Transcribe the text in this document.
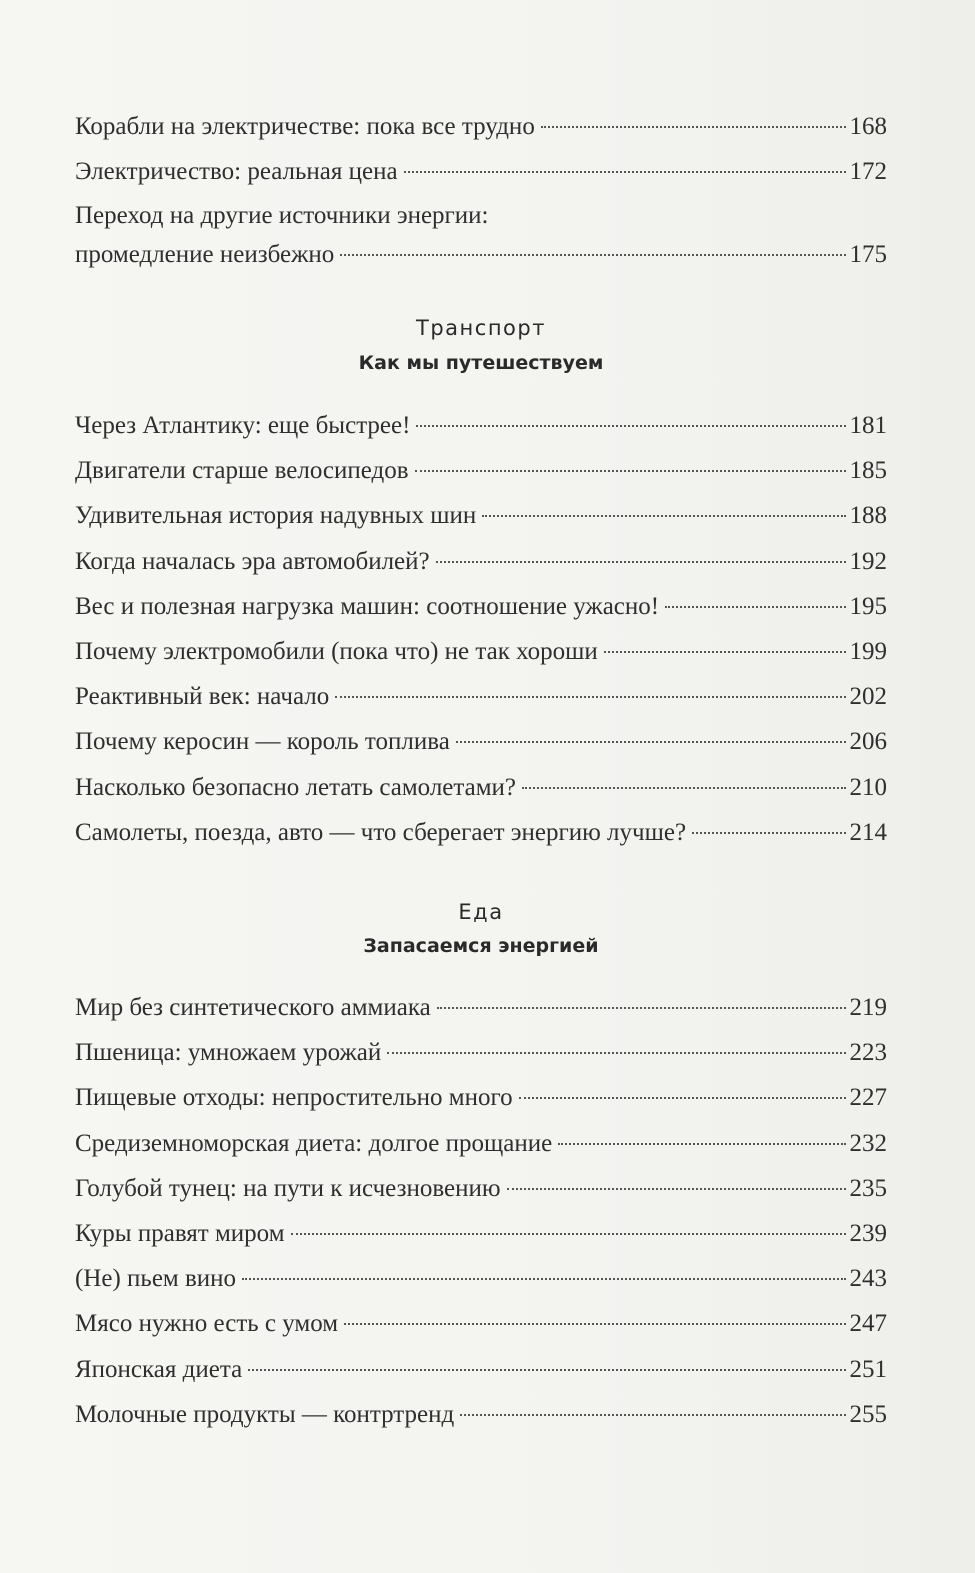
Корабли на электричестве: пока все трудно	168
Электричество: реальная цена	172
Переход на другие источники энергии:
промедление неизбежно	175
Транспорт
Как мы путешествуем
Через Атлантику: еще быстрее!	181
Двигатели старше велосипедов	185
Удивительная история надувных шин	188
Когда началась эра автомобилей?	192
Вес и полезная нагрузка машин: соотношение ужасно!	195
Почему электромобили (пока что) не так хороши	199
Реактивный век: начало	202
Почему керосин — король топлива	206
Насколько безопасно летать самолетами?	210
Самолеты, поезда, авто — что сберегает энергию лучше?	214
Еда
Запасаемся энергией
Мир без синтетического аммиака	219
Пшеница: умножаем урожай	223
Пищевые отходы: непростительно много	227
Средиземноморская диета: долгое прощание	232
Голубой тунец: на пути к исчезновению	235
Куры правят миром	239
(Не) пьем вино	243
Мясо нужно есть с умом	247
Японская диета	251
Молочные продукты — контртренд	255
